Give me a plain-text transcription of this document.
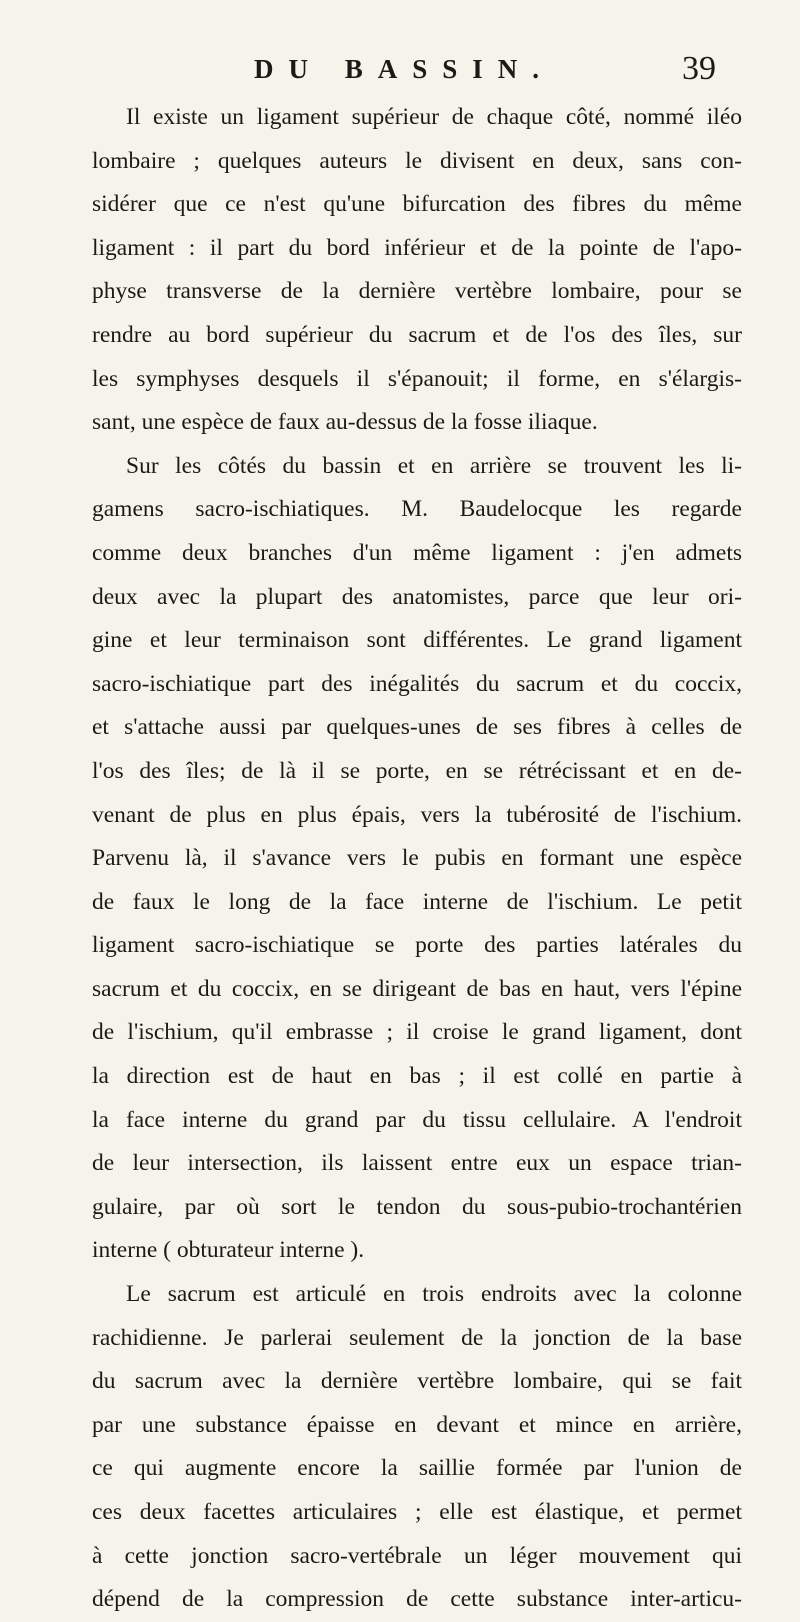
DU BASSIN.	39
Il existe un ligament supérieur de chaque côté, nommé iléo
lombaire ; quelques auteurs le divisent en deux, sans con-
sidérer que ce n'est qu'une bifurcation des fibres du même
ligament : il part du bord inférieur et de la pointe de l'apo-
physe transverse de la dernière vertèbre lombaire, pour se
rendre au bord supérieur du sacrum et de l'os des îles, sur
les symphyses desquels il s'épanouit; il forme, en s'élargis-
sant, une espèce de faux au-dessus de la fosse iliaque.
Sur les côtés du bassin et en arrière se trouvent les li-
gamens sacro-ischiatiques. M. Baudelocque les regarde
comme deux branches d'un même ligament : j'en admets
deux avec la plupart des anatomistes, parce que leur ori-
gine et leur terminaison sont différentes. Le grand ligament
sacro-ischiatique part des inégalités du sacrum et du coccix,
et s'attache aussi par quelques-unes de ses fibres à celles de
l'os des îles; de là il se porte, en se rétrécissant et en de-
venant de plus en plus épais, vers la tubérosité de l'ischium.
Parvenu là, il s'avance vers le pubis en formant une espèce
de faux le long de la face interne de l'ischium. Le petit
ligament sacro-ischiatique se porte des parties latérales du
sacrum et du coccix, en se dirigeant de bas en haut, vers l'épine
de l'ischium, qu'il embrasse ; il croise le grand ligament, dont
la direction est de haut en bas ; il est collé en partie à
la face interne du grand par du tissu cellulaire. A l'endroit
de leur intersection, ils laissent entre eux un espace trian-
gulaire, par où sort le tendon du sous-pubio-trochantérien
interne ( obturateur interne ).
Le sacrum est articulé en trois endroits avec la colonne
rachidienne. Je parlerai seulement de la jonction de la base
du sacrum avec la dernière vertèbre lombaire, qui se fait
par une substance épaisse en devant et mince en arrière,
ce qui augmente encore la saillie formée par l'union de
ces deux facettes articulaires ; elle est élastique, et permet
à cette jonction sacro-vertébrale un léger mouvement qui
dépend de la compression de cette substance inter-articu-
